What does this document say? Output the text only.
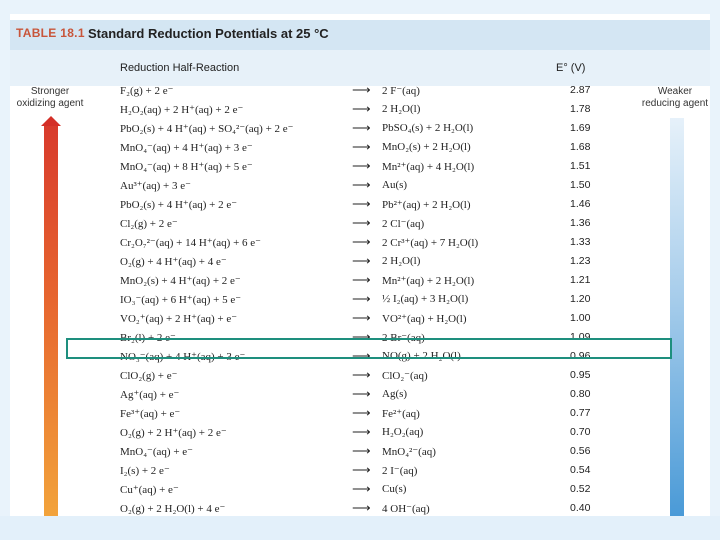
TABLE 18.1 Standard Reduction Potentials at 25 °C
Reduction Half-Reaction	E° (V)
Stronger oxidizing agent
Weaker reducing agent
F₂(g) + 2 e⁻	⟶ 2 F⁻(aq)	2.87
H₂O₂(aq) + 2 H⁺(aq) + 2 e⁻	⟶ 2 H₂O(l)	1.78
PbO₂(s) + 4 H⁺(aq) + SO₄²⁻(aq) + 2 e⁻	⟶ PbSO₄(s) + 2 H₂O(l)	1.69
MnO₄⁻(aq) + 4 H⁺(aq) + 3 e⁻	⟶ MnO₂(s) + 2 H₂O(l)	1.68
MnO₄⁻(aq) + 8 H⁺(aq) + 5 e⁻	⟶ Mn²⁺(aq) + 4 H₂O(l)	1.51
Au³⁺(aq) + 3 e⁻	⟶ Au(s)	1.50
PbO₂(s) + 4 H⁺(aq) + 2 e⁻	⟶ Pb²⁺(aq) + 2 H₂O(l)	1.46
Cl₂(g) + 2 e⁻	⟶ 2 Cl⁻(aq)	1.36
Cr₂O₇²⁻(aq) + 14 H⁺(aq) + 6 e⁻	⟶ 2 Cr³⁺(aq) + 7 H₂O(l)	1.33
O₂(g) + 4 H⁺(aq) + 4 e⁻	⟶ 2 H₂O(l)	1.23
MnO₂(s) + 4 H⁺(aq) + 2 e⁻	⟶ Mn²⁺(aq) + 2 H₂O(l)	1.21
IO₃⁻(aq) + 6 H⁺(aq) + 5 e⁻	⟶ ½ I₂(aq) + 3 H₂O(l)	1.20
VO₂⁺(aq) + 2 H⁺(aq) + e⁻	⟶ VO²⁺(aq) + H₂O(l)	1.00
Br₂(l) + 2 e⁻	⟶ 2 Br⁻(aq)	1.09
NO₃⁻(aq) + 4 H⁺(aq) + 3 e⁻	⟶ NO(g) + 2 H₂O(l)	0.96
ClO₂(g) + e⁻	⟶ ClO₂⁻(aq)	0.95
Ag⁺(aq) + e⁻	⟶ Ag(s)	0.80
Fe³⁺(aq) + e⁻	⟶ Fe²⁺(aq)	0.77
O₂(g) + 2 H⁺(aq) + 2 e⁻	⟶ H₂O₂(aq)	0.70
MnO₄⁻(aq) + e⁻	⟶ MnO₄²⁻(aq)	0.56
I₂(s) + 2 e⁻	⟶ 2 I⁻(aq)	0.54
Cu⁺(aq) + e⁻	⟶ Cu(s)	0.52
O₂(g) + 2 H₂O(l) + 4 e⁻	⟶ 4 OH⁻(aq)	0.40
